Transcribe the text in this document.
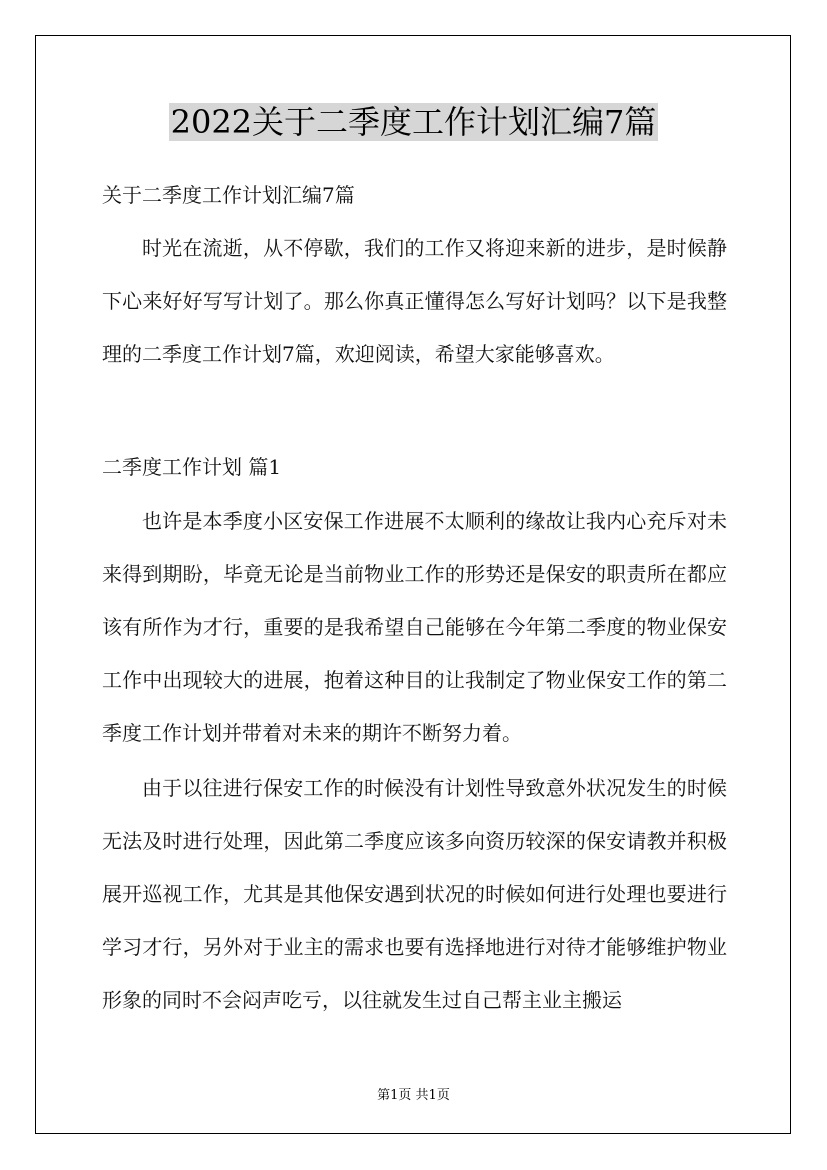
2022关于二季度工作计划汇编7篇
关于二季度工作计划汇编7篇
时光在流逝，从不停歇，我们的工作又将迎来新的进步，是时候静下心来好好写写计划了。那么你真正懂得怎么写好计划吗？以下是我整理的二季度工作计划7篇，欢迎阅读，希望大家能够喜欢。
二季度工作计划 篇1
也许是本季度小区安保工作进展不太顺利的缘故让我内心充斥对未来得到期盼，毕竟无论是当前物业工作的形势还是保安的职责所在都应该有所作为才行，重要的是我希望自己能够在今年第二季度的物业保安工作中出现较大的进展，抱着这种目的让我制定了物业保安工作的第二季度工作计划并带着对未来的期许不断努力着。
由于以往进行保安工作的时候没有计划性导致意外状况发生的时候无法及时进行处理，因此第二季度应该多向资历较深的保安请教并积极展开巡视工作，尤其是其他保安遇到状况的时候如何进行处理也要进行学习才行，另外对于业主的需求也要有选择地进行对待才能够维护物业形象的同时不会闷声吃亏，以往就发生过自己帮主业主搬运
第1页 共1页
